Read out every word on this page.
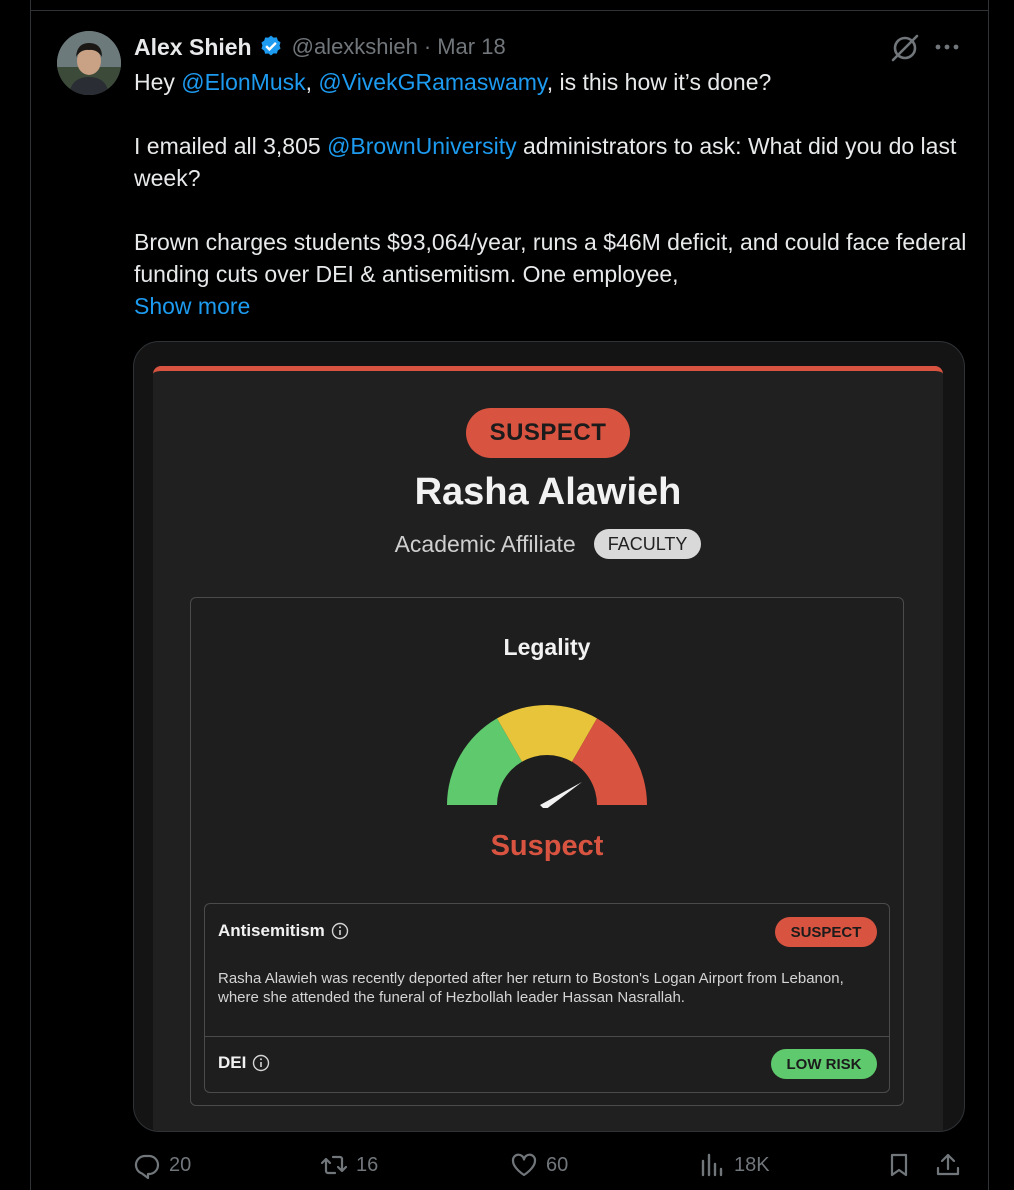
Alex Shieh @alexkshieh · Mar 18

Hey @ElonMusk, @VivekGRamaswamy, is this how it’s done?

I emailed all 3,805 @BrownUniversity administrators to ask: What did you do last week?

Brown charges students $93,064/year, runs a $46M deficit, and could face federal funding cuts over DEI & antisemitism. One employee,

Show more

SUSPECT
Rasha Alawieh
Academic Affiliate	FACULTY
Legality
Suspect
Antisemitism	SUSPECT
Rasha Alawieh was recently deported after her return to Boston's Logan Airport from Lebanon, where she attended the funeral of Hezbollah leader Hassan Nasrallah.
DEI	LOW RISK
20	16	60	18K
